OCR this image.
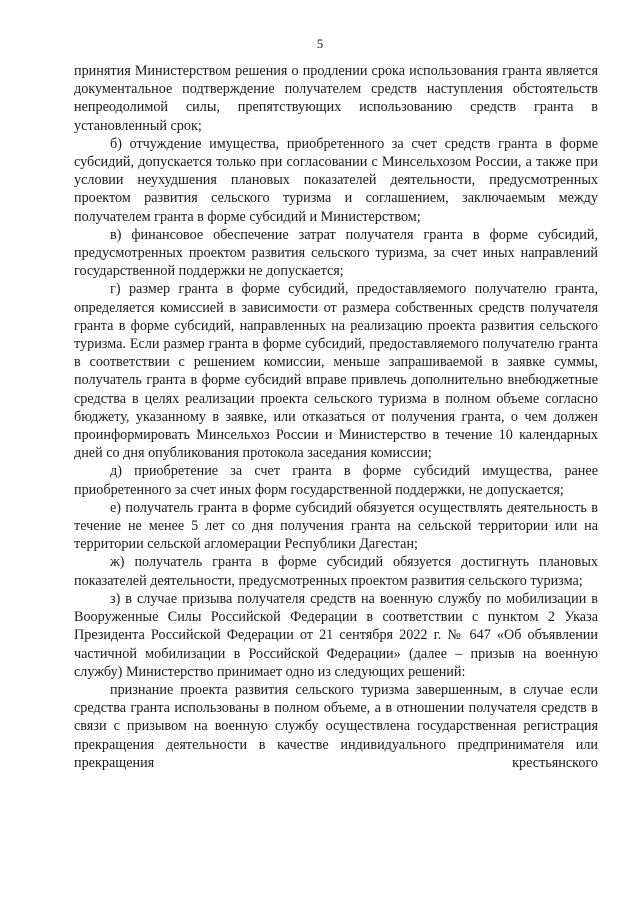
5

принятия Министерством решения о продлении срока использования гранта является документальное подтверждение получателем средств наступления обстоятельств непреодолимой силы, препятствующих использованию средств гранта в установленный срок;

б) отчуждение имущества, приобретенного за счет средств гранта в форме субсидий, допускается только при согласовании с Минсельхозом России, а также при условии неухудшения плановых показателей деятельности, предусмотренных проектом развития сельского туризма и соглашением, заключаемым между получателем гранта в форме субсидий и Министерством;

в) финансовое обеспечение затрат получателя гранта в форме субсидий, предусмотренных проектом развития сельского туризма, за счет иных направлений государственной поддержки не допускается;

г) размер гранта в форме субсидий, предоставляемого получателю гранта, определяется комиссией в зависимости от размера собственных средств получателя гранта в форме субсидий, направленных на реализацию проекта развития сельского туризма. Если размер гранта в форме субсидий, предоставляемого получателю гранта в соответствии с решением комиссии, меньше запрашиваемой в заявке суммы, получатель гранта в форме субсидий вправе привлечь дополнительно внебюджетные средства в целях реализации проекта сельского туризма в полном объеме согласно бюджету, указанному в заявке, или отказаться от получения гранта, о чем должен проинформировать Минсельхоз России и Министерство в течение 10 календарных дней со дня опубликования протокола заседания комиссии;

д) приобретение за счет гранта в форме субсидий имущества, ранее приобретенного за счет иных форм государственной поддержки, не допускается;

е) получатель гранта в форме субсидий обязуется осуществлять деятельность в течение не менее 5 лет со дня получения гранта на сельской территории или на территории сельской агломерации Республики Дагестан;

ж) получатель гранта в форме субсидий обязуется достигнуть плановых показателей деятельности, предусмотренных проектом развития сельского туризма;

з) в случае призыва получателя средств на военную службу по мобилизации в Вооруженные Силы Российской Федерации в соответствии с пунктом 2 Указа Президента Российской Федерации от 21 сентября 2022 г. № 647 «Об объявлении частичной мобилизации в Российской Федерации» (далее – призыв на военную службу) Министерство принимает одно из следующих решений:

признание проекта развития сельского туризма завершенным, в случае если средства гранта использованы в полном объеме, а в отношении получателя средств в связи с призывом на военную службу осуществлена государственная регистрация прекращения деятельности в качестве индивидуального предпринимателя или прекращения крестьянского
